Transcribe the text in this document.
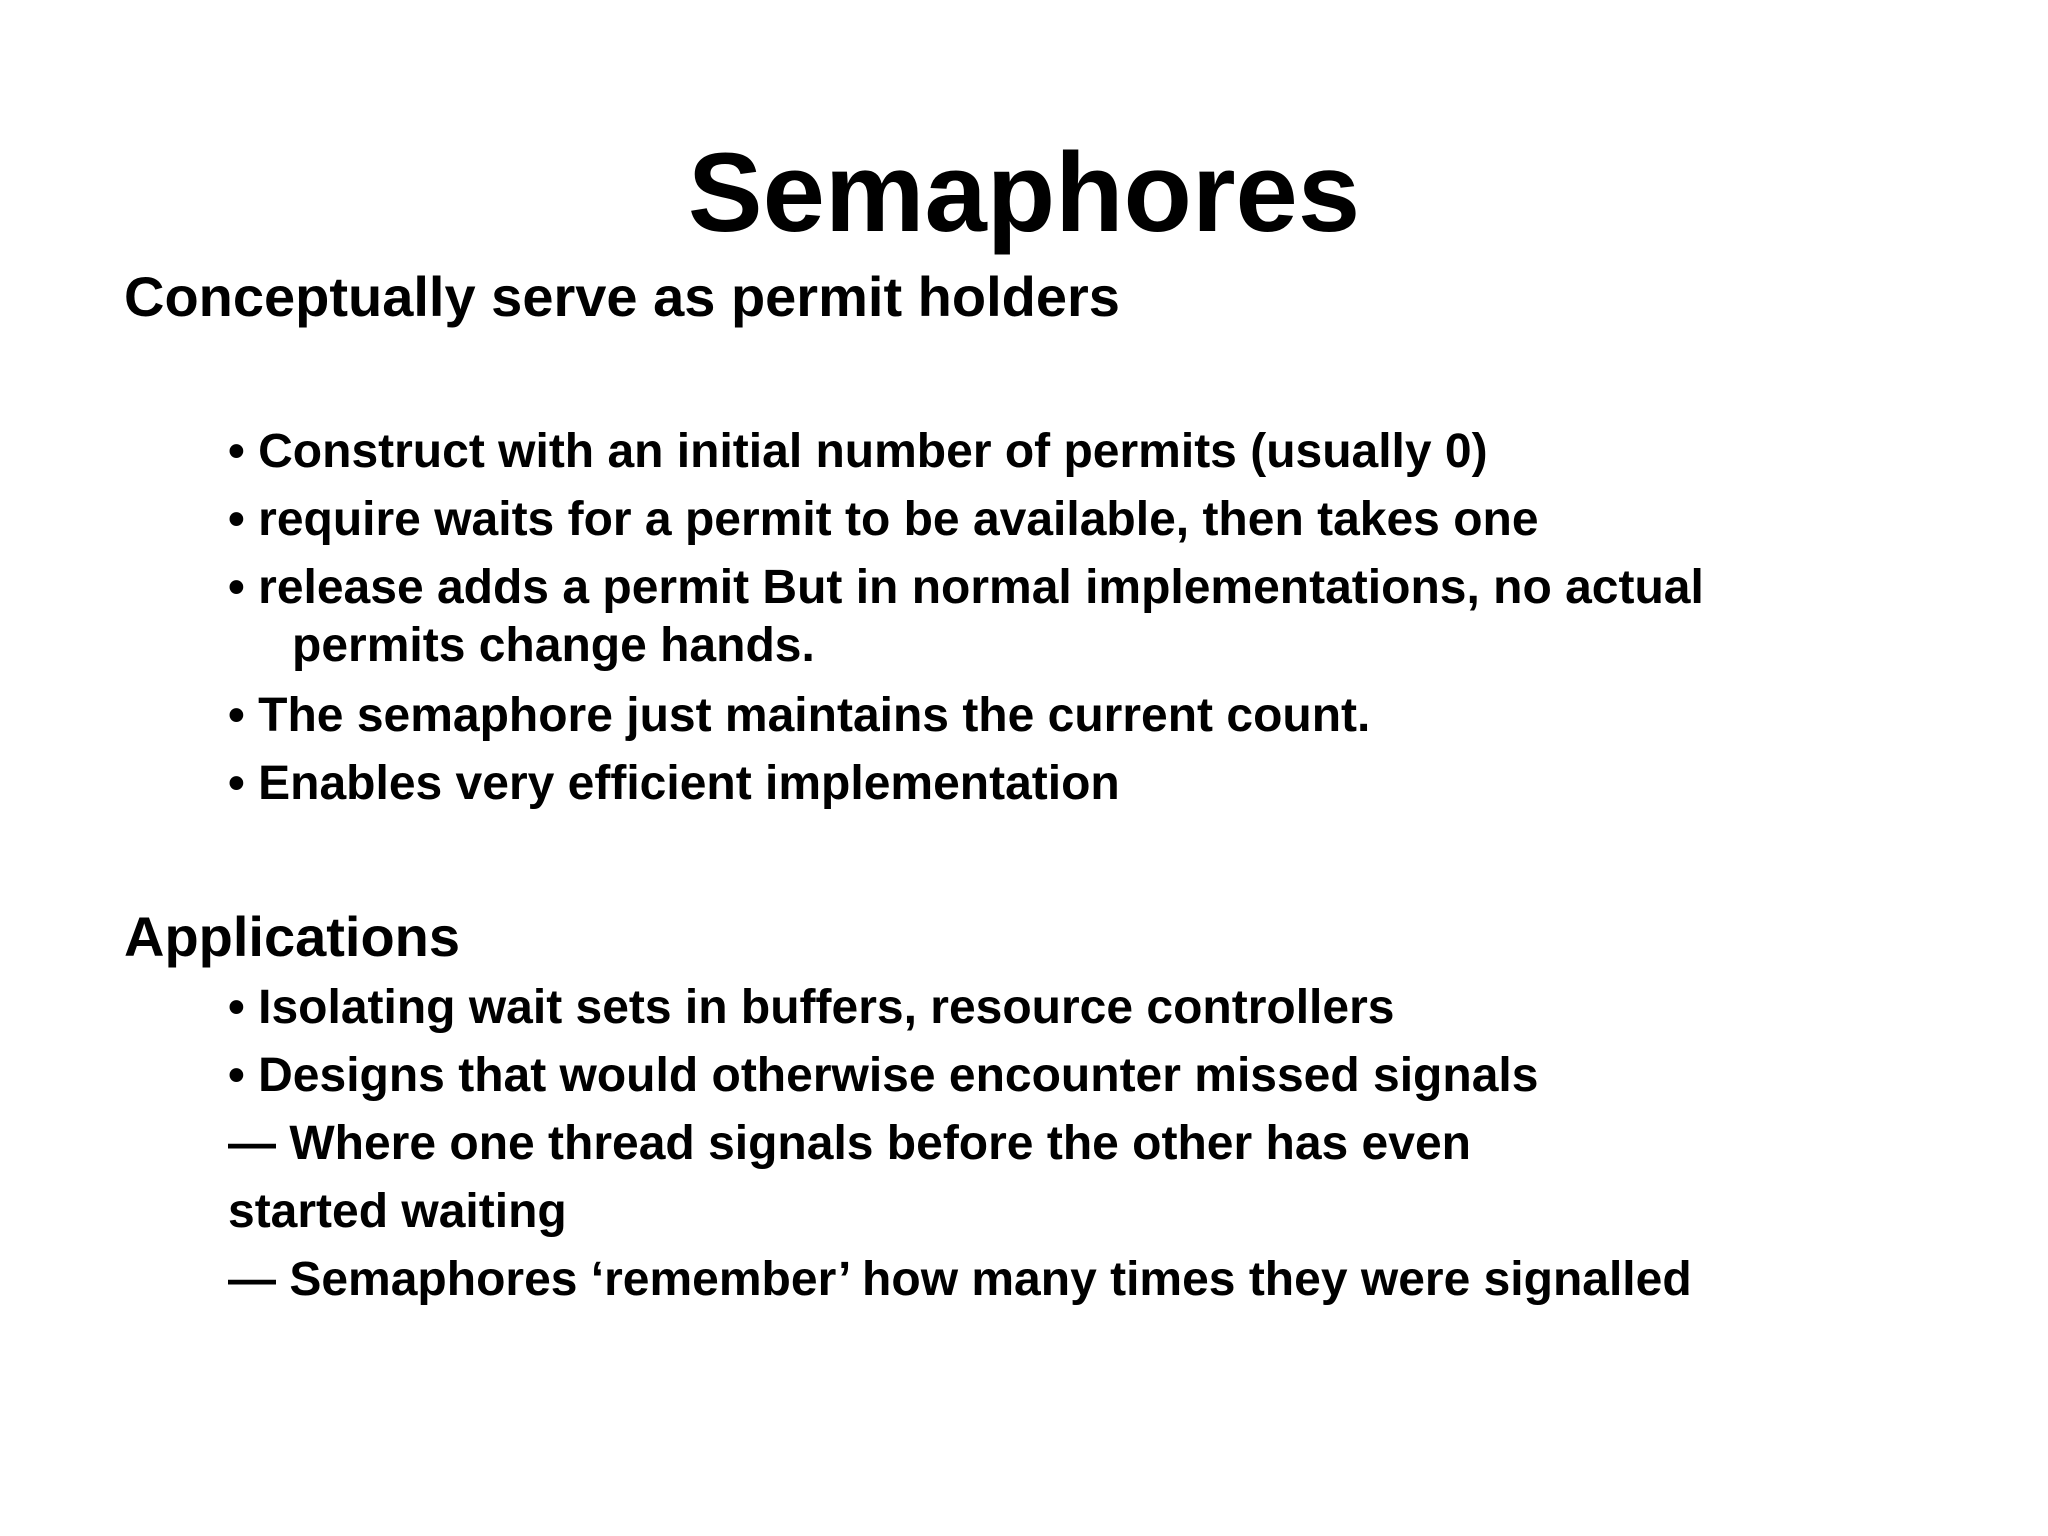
Semaphores
Conceptually serve as permit holders
• Construct with an initial number of permits (usually 0)
• require waits for a permit to be available, then takes one
• release adds a permit But in normal implementations, no actual
permits change hands.
• The semaphore just maintains the current count.
• Enables very efficient implementation
Applications
• Isolating wait sets in buffers, resource controllers
• Designs that would otherwise encounter missed signals
— Where one thread signals before the other has even
started waiting
— Semaphores ‘remember’ how many times they were signalled
